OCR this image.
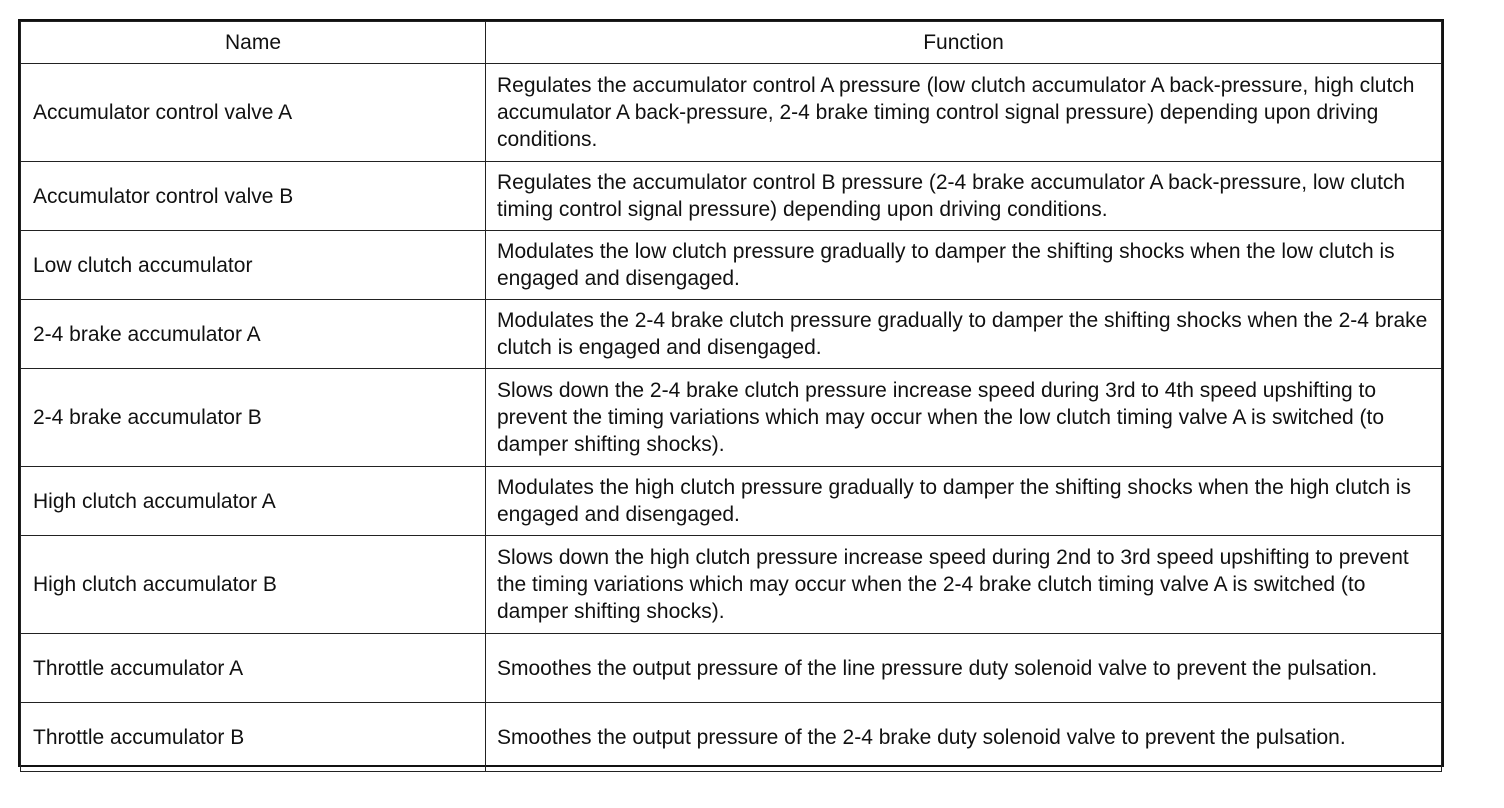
Name	Function
Accumulator control valve A	Regulates the accumulator control A pressure (low clutch accumulator A back-pressure, high clutch accumulator A back-pressure, 2-4 brake timing control signal pressure) depending upon driving conditions.
Accumulator control valve B	Regulates the accumulator control B pressure (2-4 brake accumulator A back-pressure, low clutch timing control signal pressure) depending upon driving conditions.
Low clutch accumulator	Modulates the low clutch pressure gradually to damper the shifting shocks when the low clutch is engaged and disengaged.
2-4 brake accumulator A	Modulates the 2-4 brake clutch pressure gradually to damper the shifting shocks when the 2-4 brake clutch is engaged and disengaged.
2-4 brake accumulator B	Slows down the 2-4 brake clutch pressure increase speed during 3rd to 4th speed upshifting to prevent the timing variations which may occur when the low clutch timing valve A is switched (to damper shifting shocks).
High clutch accumulator A	Modulates the high clutch pressure gradually to damper the shifting shocks when the high clutch is engaged and disengaged.
High clutch accumulator B	Slows down the high clutch pressure increase speed during 2nd to 3rd speed upshifting to prevent the timing variations which may occur when the 2-4 brake clutch timing valve A is switched (to damper shifting shocks).
Throttle accumulator A	Smoothes the output pressure of the line pressure duty solenoid valve to prevent the pulsation.
Throttle accumulator B	Smoothes the output pressure of the 2-4 brake duty solenoid valve to prevent the pulsation.
